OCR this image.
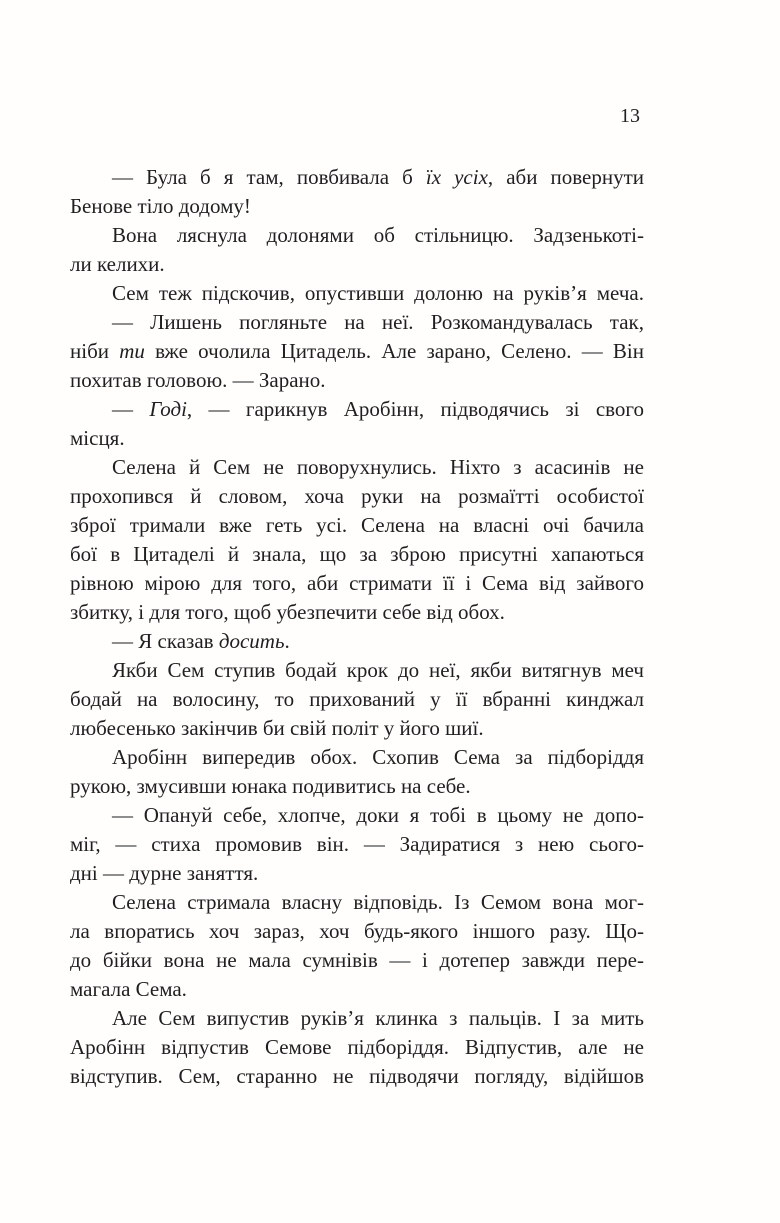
13
— Була б я там, повбивала б їх усіх, аби повернути
Бенове тіло додому!
Вона ляснула долонями об стільницю. Задзенькоті-
ли келихи.
Сем теж підскочив, опустивши долоню на руків’я меча.
— Лишень погляньте на неї. Розкомандувалась так,
ніби ти вже очолила Цитадель. Але зарано, Селено. — Він
похитав головою. — Зарано.
— Годі, — гарикнув Аробінн, підводячись зі свого
місця.
Селена й Сем не поворухнулись. Ніхто з асасинів не
прохопився й словом, хоча руки на розмаїтті особистої
зброї тримали вже геть усі. Селена на власні очі бачила
бої в Цитаделі й знала, що за зброю присутні хапаються
рівною мірою для того, аби стримати її і Сема від зайвого
збитку, і для того, щоб убезпечити себе від обох.
— Я сказав досить.
Якби Сем ступив бодай крок до неї, якби витягнув меч
бодай на волосину, то прихований у її вбранні кинджал
любесенько закінчив би свій політ у його шиї.
Аробінн випередив обох. Схопив Сема за підборіддя
рукою, змусивши юнака подивитись на себе.
— Опануй себе, хлопче, доки я тобі в цьому не допо-
міг, — стиха промовив він. — Задиратися з нею сього-
дні — дурне заняття.
Селена стримала власну відповідь. Із Семом вона мог-
ла впоратись хоч зараз, хоч будь-якого іншого разу. Що-
до бійки вона не мала сумнівів — і дотепер завжди пере-
магала Сема.
Але Сем випустив руків’я клинка з пальців. І за мить
Аробінн відпустив Семове підборіддя. Відпустив, але не
відступив. Сем, старанно не підводячи погляду, відійшов
